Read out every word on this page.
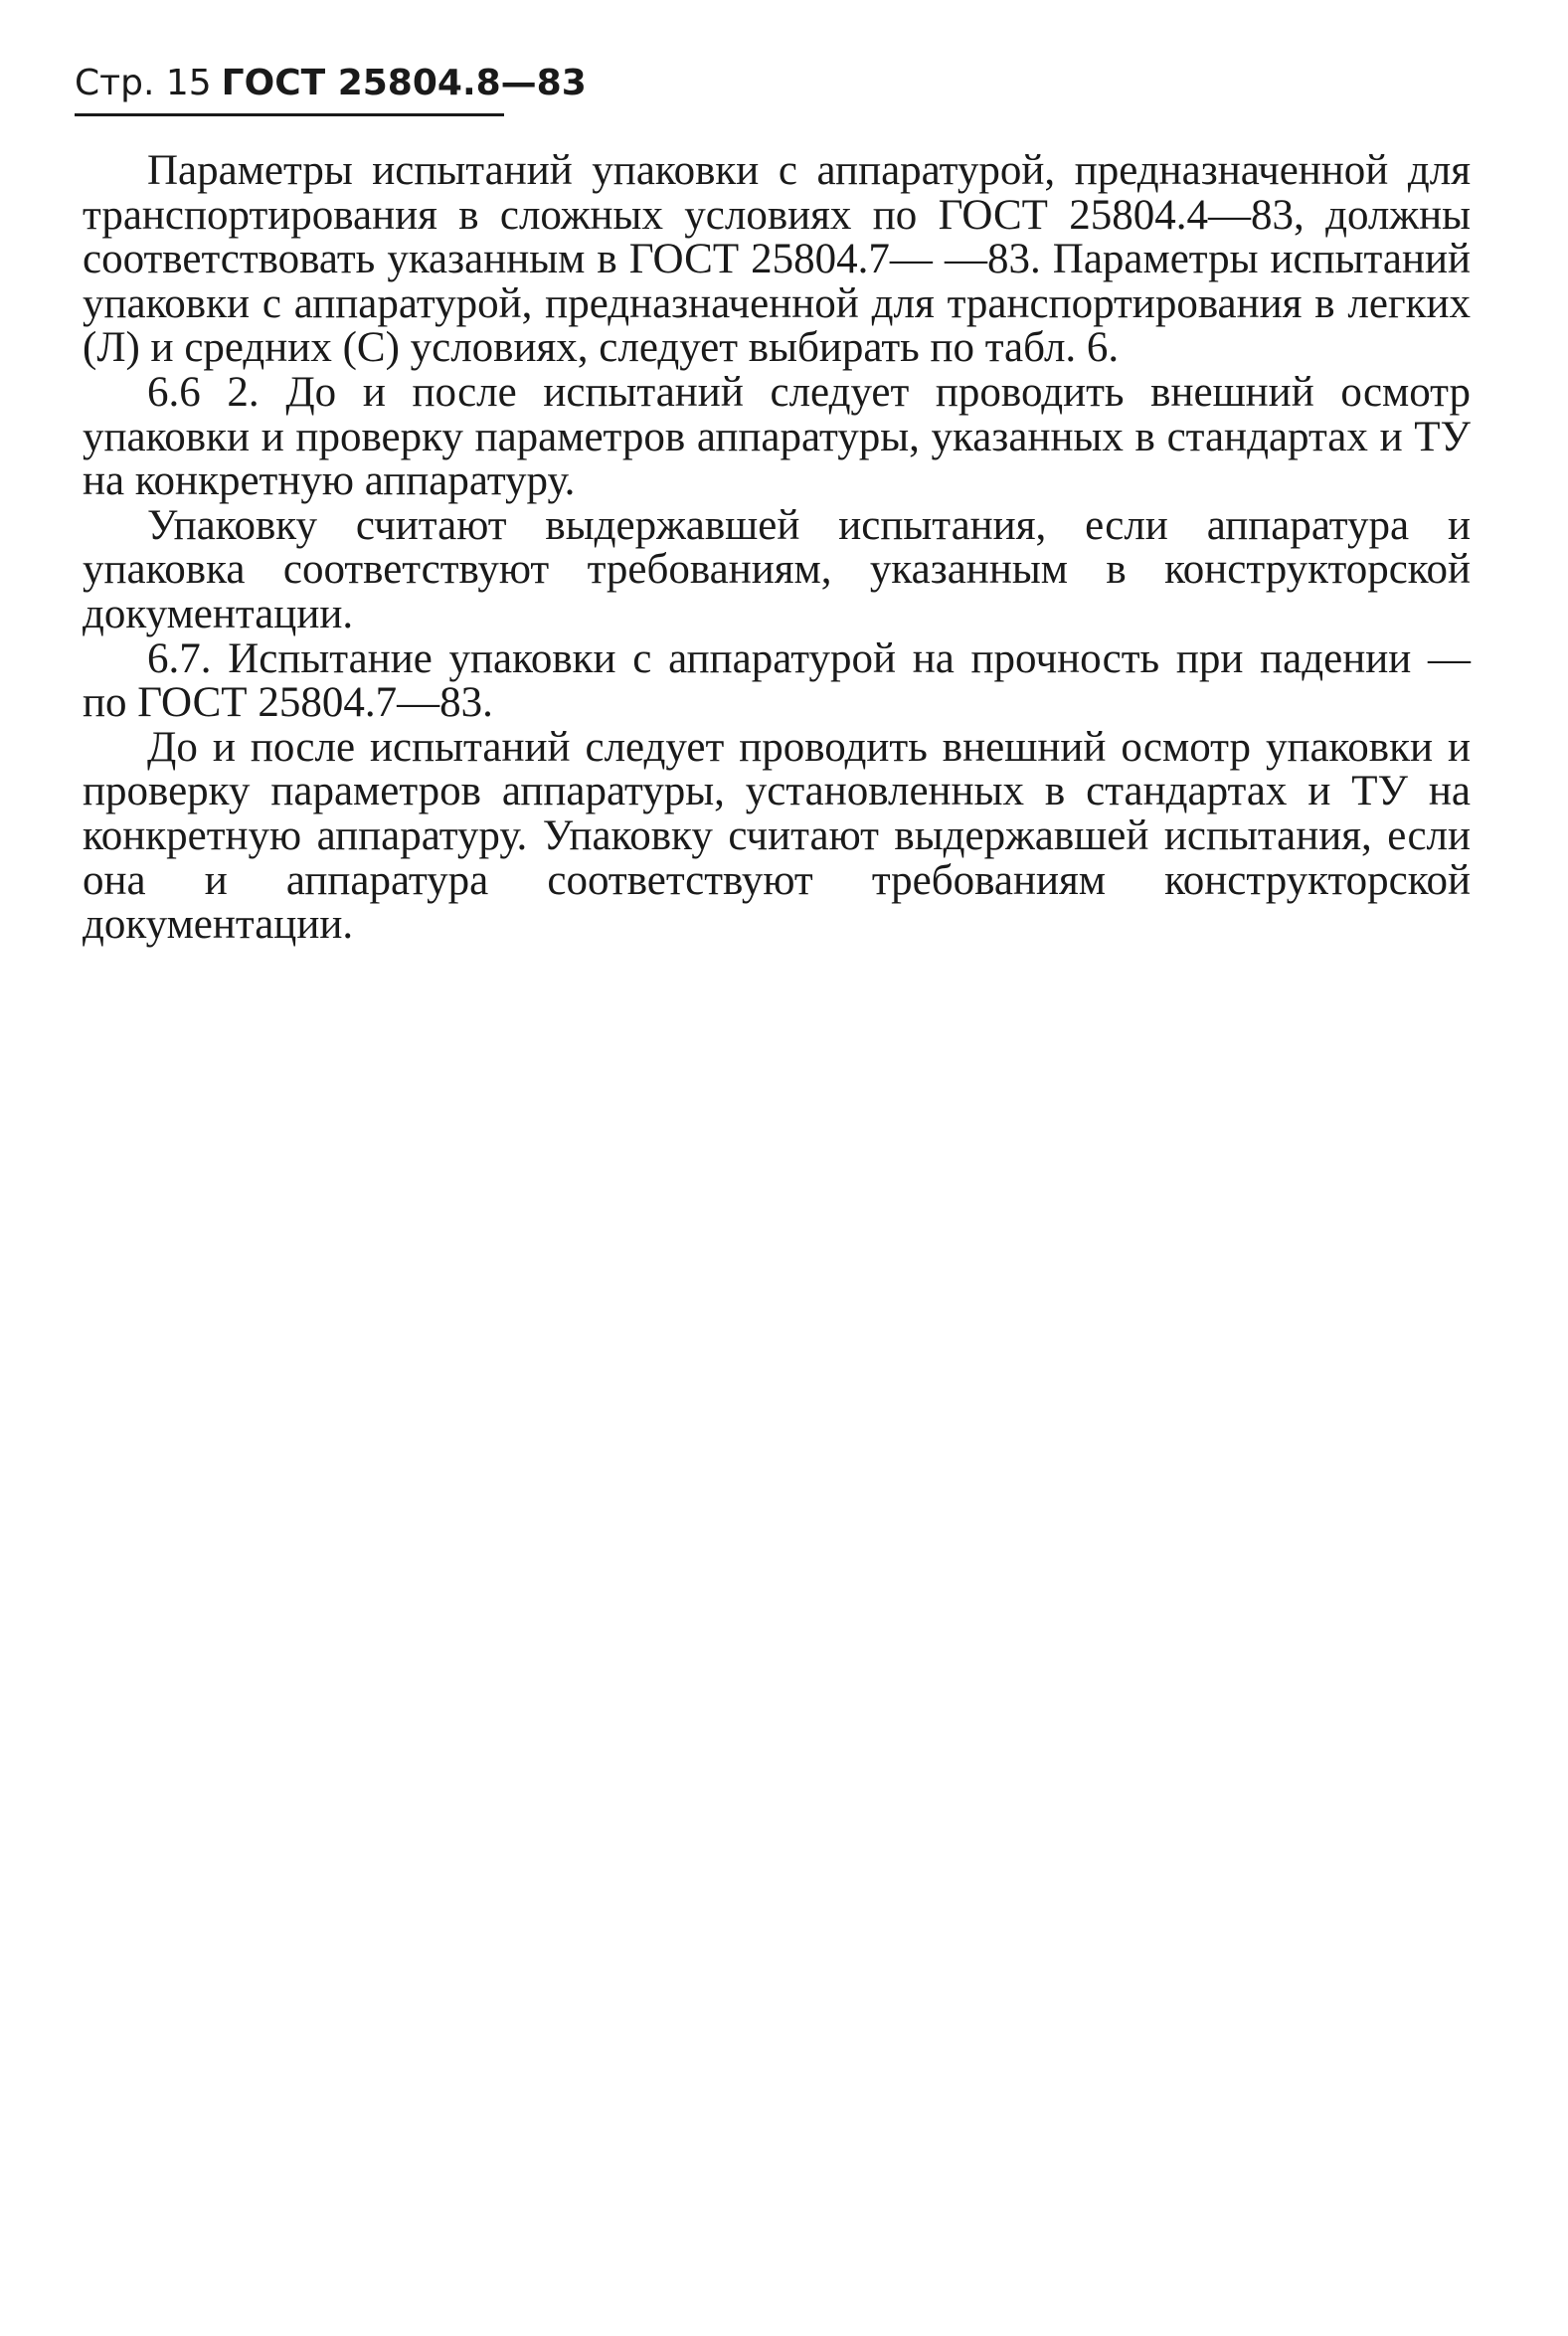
Стр. 15 ГОСТ 25804.8—83

Параметры испытаний упаковки с аппаратурой, предназначенной для транспортирования в сложных условиях по ГОСТ 25804.4—83, должны соответствовать указанным в ГОСТ 25804.7— —83. Параметры испытаний упаковки с аппаратурой, предназначенной для транспортирования в легких (Л) и средних (С) условиях, следует выбирать по табл. 6.

6.6 2. До и после испытаний следует проводить внешний осмотр упаковки и проверку параметров аппаратуры, указанных в стандартах и ТУ на конкретную аппаратуру.

Упаковку считают выдержавшей испытания, если аппаратура и упаковка соответствуют требованиям, указанным в конструкторской документации.

6.7. Испытание упаковки с аппаратурой на прочность при падении — по ГОСТ 25804.7—83.

До и после испытаний следует проводить внешний осмотр упаковки и проверку параметров аппаратуры, установленных в стандартах и ТУ на конкретную аппаратуру. Упаковку считают выдержавшей испытания, если она и аппаратура соответствуют требованиям конструкторской документации.
